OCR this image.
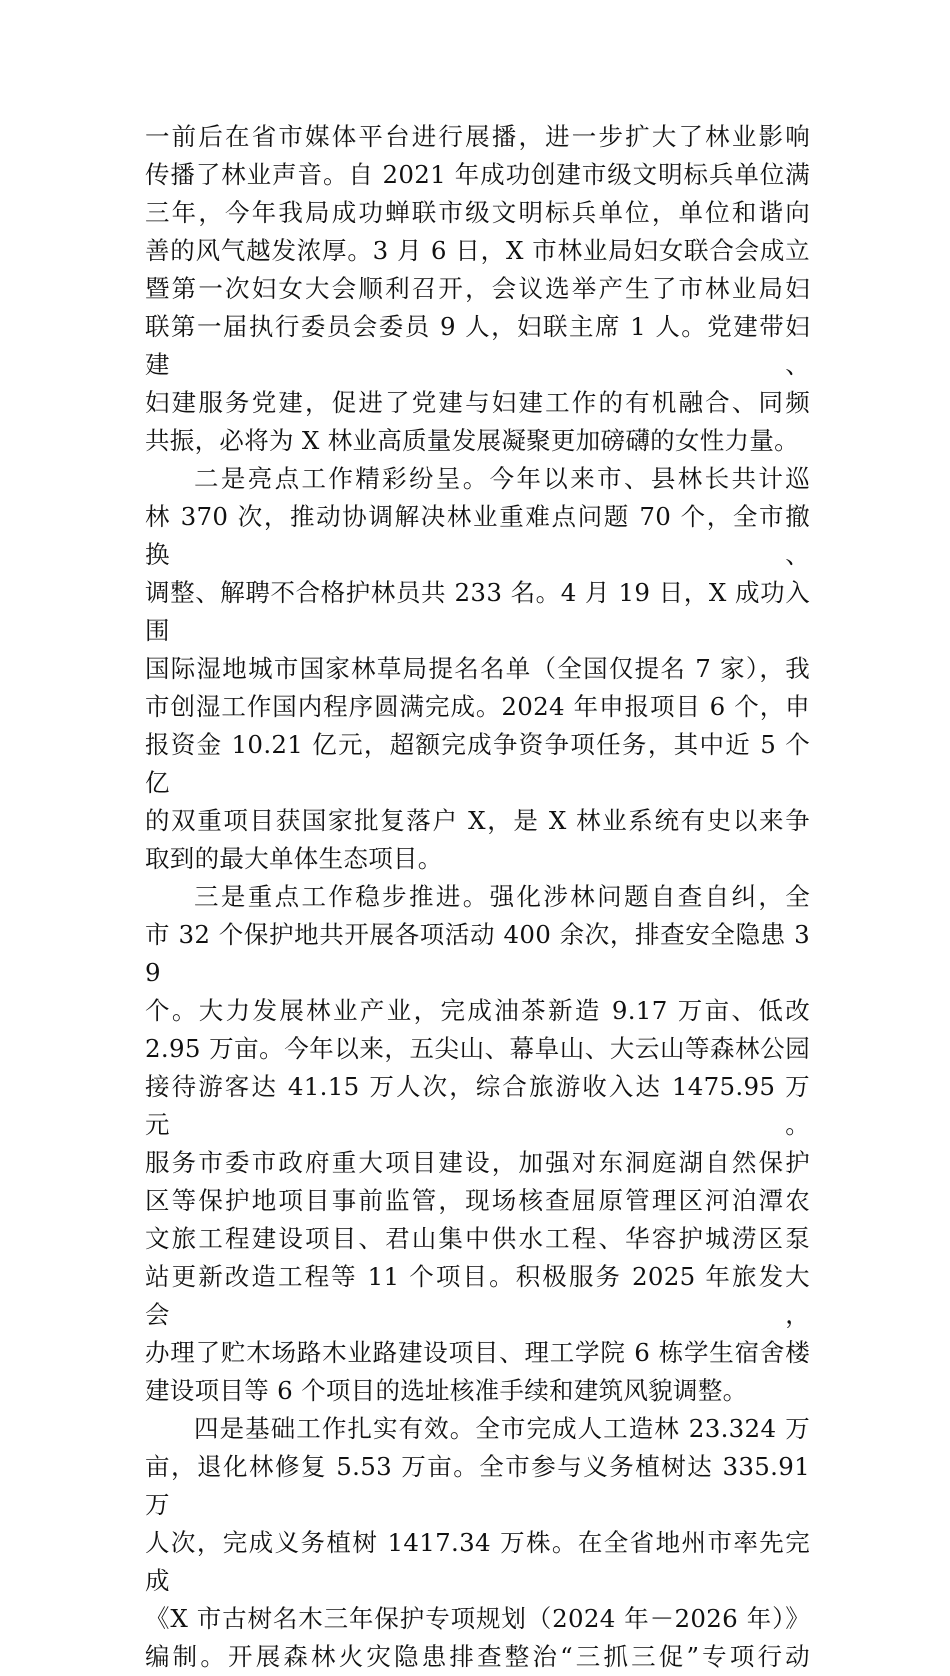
一前后在省市媒体平台进行展播，进一步扩大了林业影响

传播了林业声音。自 2021 年成功创建市级文明标兵单位满

三年，今年我局成功蝉联市级文明标兵单位，单位和谐向

善的风气越发浓厚。3 月 6 日，X 市林业局妇女联合会成立

暨第一次妇女大会顺利召开，会议选举产生了市林业局妇

联第一届执行委员会委员 9 人，妇联主席 1 人。党建带妇建、

妇建服务党建，促进了党建与妇建工作的有机融合、同频

共振，必将为 X 林业高质量发展凝聚更加磅礴的女性力量。

二是亮点工作精彩纷呈。今年以来市、县林长共计巡

林 370 次，推动协调解决林业重难点问题 70 个，全市撤换、

调整、解聘不合格护林员共 233 名。4 月 19 日，X 成功入围

国际湿地城市国家林草局提名名单（全国仅提名 7 家），我

市创湿工作国内程序圆满完成。2024 年申报项目 6 个，申

报资金 10.21 亿元，超额完成争资争项任务，其中近 5 个亿

的双重项目获国家批复落户 X，是 X 林业系统有史以来争

取到的最大单体生态项目。

三是重点工作稳步推进。强化涉林问题自查自纠，全

市 32 个保护地共开展各项活动 400 余次，排查安全隐患 39

个。大力发展林业产业，完成油茶新造 9.17 万亩、低改

2.95 万亩。今年以来，五尖山、幕阜山、大云山等森林公园

接待游客达 41.15 万人次，综合旅游收入达 1475.95 万元。

服务市委市政府重大项目建设，加强对东洞庭湖自然保护

区等保护地项目事前监管，现场核查屈原管理区河泊潭农

文旅工程建设项目、君山集中供水工程、华容护城涝区泵

站更新改造工程等 11 个项目。积极服务 2025 年旅发大会，

办理了贮木场路木业路建设项目、理工学院 6 栋学生宿舍楼

建设项目等 6 个项目的选址核准手续和建筑风貌调整。

四是基础工作扎实有效。全市完成人工造林 23.324 万

亩，退化林修复 5.53 万亩。全市参与义务植树达 335.91 万

人次，完成义务植树 1417.34 万株。在全省地州市率先完成

《X 市古树名木三年保护专项规划（2024 年－2026 年）》

编制。开展森林火灾隐患排查整治“三抓三促”专项行动
